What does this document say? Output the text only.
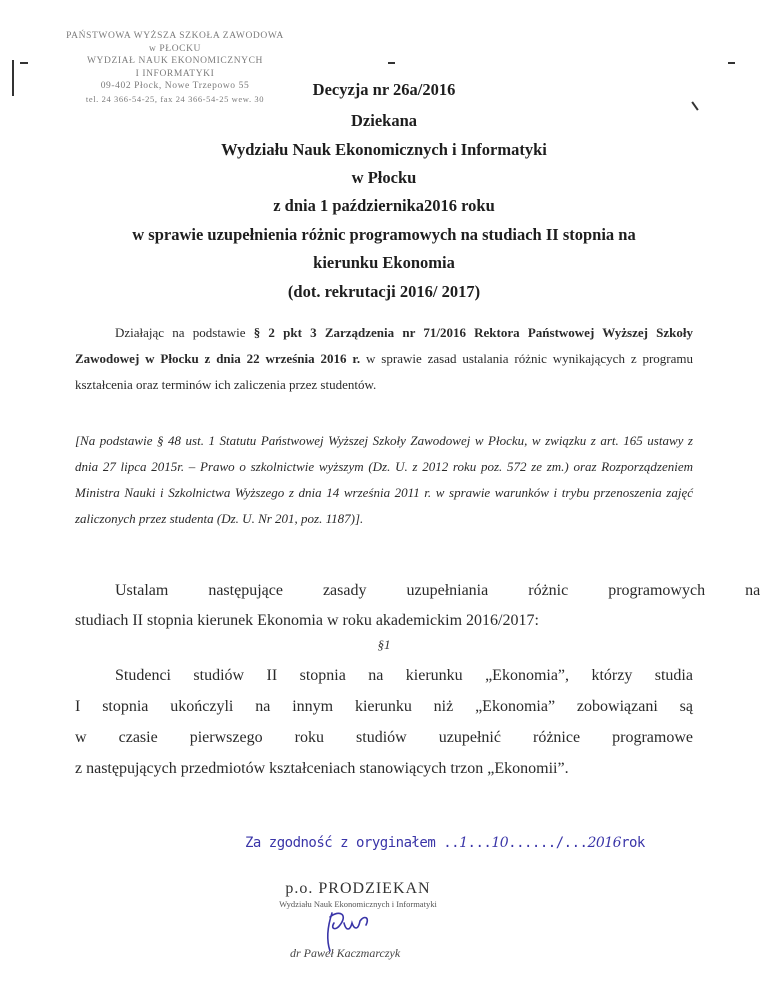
PAŃSTWOWA WYŻSZA SZKOŁA ZAWODOWA
w PŁOCKU
WYDZIAŁ NAUK EKONOMICZNYCH
I INFORMATYKI
09-402 Płock, Nowe Trzepowo 55
tel. 24 366-54-25, fax 24 366-54-25 wew. 30	Decyzja nr 26a/2016
Dziekana
Wydziału Nauk Ekonomicznych i Informatyki
w Płocku
z dnia 1 października2016 roku
w sprawie uzupełnienia różnic programowych na studiach II stopnia na
kierunku Ekonomia
(dot. rekrutacji 2016/ 2017)
Działając na podstawie § 2 pkt 3 Zarządzenia nr 71/2016 Rektora Państwowej Wyższej Szkoły Zawodowej w Płocku z dnia 22 września 2016 r. w sprawie zasad ustalania różnic wynikających z programu kształcenia oraz terminów ich zaliczenia przez studentów.
[Na podstawie § 48 ust. 1 Statutu Państwowej Wyższej Szkoły Zawodowej w Płocku, w związku z art. 165 ustawy z dnia 27 lipca 2015r. – Prawo o szkolnictwie wyższym (Dz. U. z 2012 roku poz. 572 ze zm.) oraz Rozporządzeniem Ministra Nauki i Szkolnictwa Wyższego z dnia 14 września 2011 r. w sprawie warunków i trybu przenoszenia zajęć zaliczonych przez studenta (Dz. U. Nr 201, poz. 1187)].
Ustalam	następujące	zasady	uzupełniania	różnic	programowych	na
studiach II stopnia kierunek Ekonomia w roku akademickim 2016/2017:
§1
Studenci studiów II stopnia na kierunku „Ekonomia”, którzy studia
I stopnia ukończyli na innym kierunku niż „Ekonomia” zobowiązani są
w czasie pierwszego roku studiów uzupełnić różnice programowe
z następujących przedmiotów kształceniach stanowiących trzon „Ekonomii”.
Za zgodność z oryginałem ..1...10....../...2016rok
p.o. PRODZIEKAN
Wydziału Nauk Ekonomicznych i Informatyki
dr Paweł Kaczmarczyk
